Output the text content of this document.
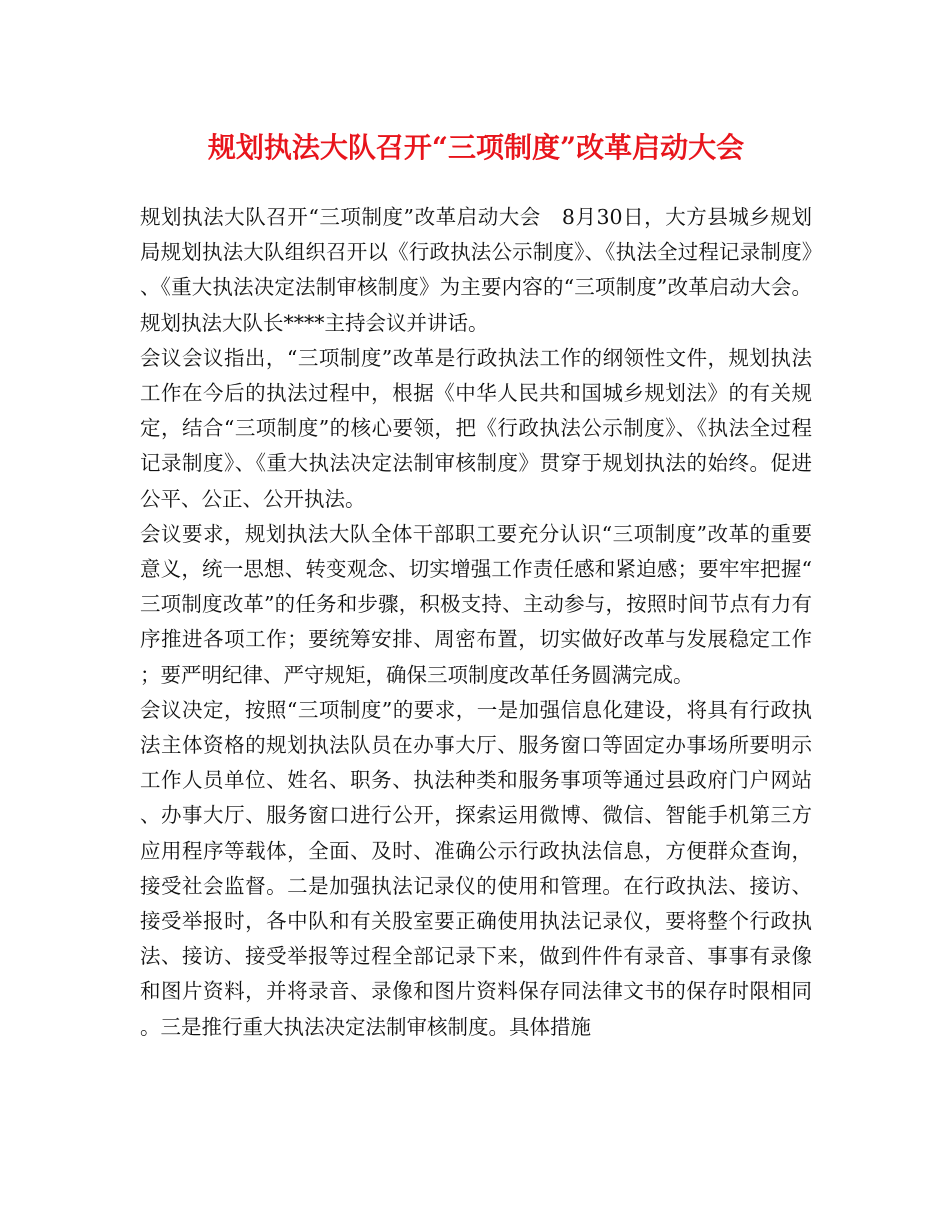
规划执法大队召开“三项制度”改革启动大会

规划执法大队召开“三项制度”改革启动大会　8月30日，大方县城乡规划局规划执法大队组织召开以《行政执法公示制度》、《执法全过程记录制度》、《重大执法决定法制审核制度》为主要内容的“三项制度”改革启动大会。规划执法大队长****主持会议并讲话。

会议会议指出，“三项制度”改革是行政执法工作的纲领性文件，规划执法工作在今后的执法过程中，根据《中华人民共和国城乡规划法》的有关规定，结合“三项制度”的核心要领，把《行政执法公示制度》、《执法全过程记录制度》、《重大执法决定法制审核制度》贯穿于规划执法的始终。促进公平、公正、公开执法。

会议要求，规划执法大队全体干部职工要充分认识“三项制度”改革的重要意义，统一思想、转变观念、切实增强工作责任感和紧迫感；要牢牢把握“三项制度改革”的任务和步骤，积极支持、主动参与，按照时间节点有力有序推进各项工作；要统筹安排、周密布置，切实做好改革与发展稳定工作；要严明纪律、严守规矩，确保三项制度改革任务圆满完成。

会议决定，按照“三项制度”的要求，一是加强信息化建设，将具有行政执法主体资格的规划执法队员在办事大厅、服务窗口等固定办事场所要明示工作人员单位、姓名、职务、执法种类和服务事项等通过县政府门户网站、办事大厅、服务窗口进行公开，探索运用微博、微信、智能手机第三方应用程序等载体，全面、及时、准确公示行政执法信息，方便群众查询，接受社会监督。二是加强执法记录仪的使用和管理。在行政执法、接访、接受举报时，各中队和有关股室要正确使用执法记录仪，要将整个行政执法、接访、接受举报等过程全部记录下来，做到件件有录音、事事有录像和图片资料，并将录音、录像和图片资料保存同法律文书的保存时限相同。三是推行重大执法决定法制审核制度。具体措施
